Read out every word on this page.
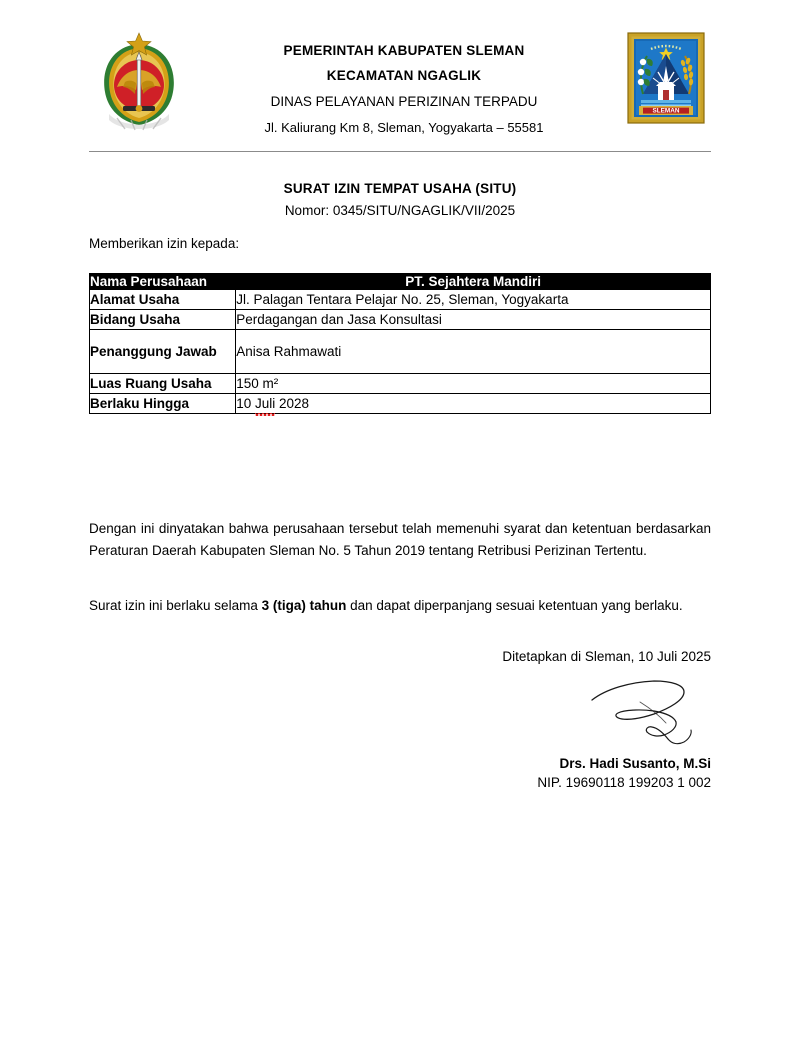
PEMERINTAH KABUPATEN SLEMAN
KECAMATAN NGAGLIK
DINAS PELAYANAN PERIZINAN TERPADU
Jl. Kaliurang Km 8, Sleman, Yogyakarta – 55581
SLEMAN
SURAT IZIN TEMPAT USAHA (SITU)
Nomor: 0345/SITU/NGAGLIK/VII/2025
Memberikan izin kepada:
Nama Perusahaan	PT. Sejahtera Mandiri
Alamat Usaha	Jl. Palagan Tentara Pelajar No. 25, Sleman, Yogyakarta
Bidang Usaha	Perdagangan dan Jasa Konsultasi
Penanggung Jawab	Anisa Rahmawati
Luas Ruang Usaha	150 m²
Berlaku Hingga	10 Juli 2028
Dengan ini dinyatakan bahwa perusahaan tersebut telah memenuhi syarat dan ketentuan berdasarkan Peraturan Daerah Kabupaten Sleman No. 5 Tahun 2019 tentang Retribusi Perizinan Tertentu.
Surat izin ini berlaku selama 3 (tiga) tahun dan dapat diperpanjang sesuai ketentuan yang berlaku.
Ditetapkan di Sleman, 10 Juli 2025
Drs. Hadi Susanto, M.Si
NIP. 19690118 199203 1 002
